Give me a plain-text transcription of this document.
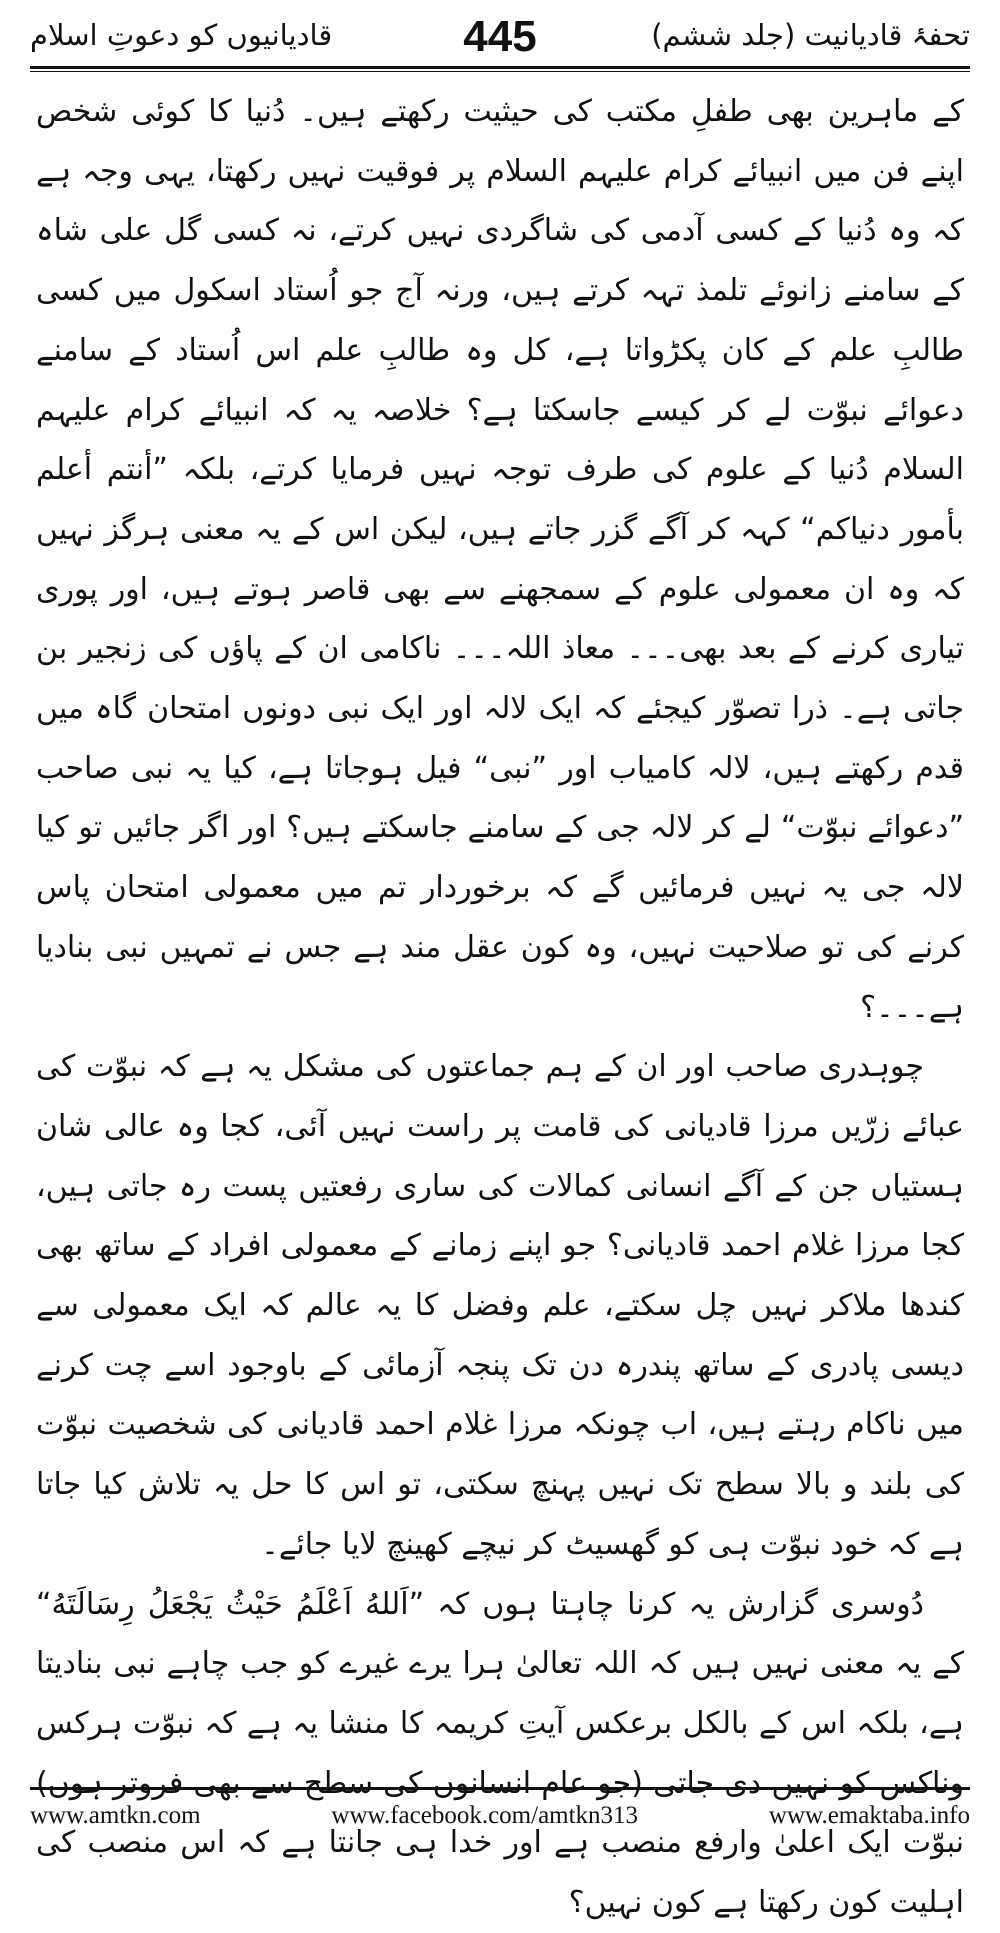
تحفۂ قادیانیت (جلد ششم)
445
قادیانیوں کو دعوتِ اسلام

کے ماہرین بھی طفلِ مکتب کی حیثیت رکھتے ہیں۔ دُنیا کا کوئی شخص اپنے فن میں انبیائے کرام علیہم السلام پر فوقیت نہیں رکھتا، یہی وجہ ہے کہ وہ دُنیا کے کسی آدمی کی شاگردی نہیں کرتے، نہ کسی گل علی شاہ کے سامنے زانوئے تلمذ تہہ کرتے ہیں، ورنہ آج جو اُستاد اسکول میں کسی طالبِ علم کے کان پکڑواتا ہے، کل وہ طالبِ علم اس اُستاد کے سامنے دعوائے نبوّت لے کر کیسے جاسکتا ہے؟ خلاصہ یہ کہ انبیائے کرام علیہم السلام دُنیا کے علوم کی طرف توجہ نہیں فرمایا کرتے، بلکہ ”أنتم أعلم بأمور دنیاکم“ کہہ کر آگے گزر جاتے ہیں، لیکن اس کے یہ معنی ہرگز نہیں کہ وہ ان معمولی علوم کے سمجھنے سے بھی قاصر ہوتے ہیں، اور پوری تیاری کرنے کے بعد بھی۔۔۔ معاذ اللہ۔۔۔ ناکامی ان کے پاؤں کی زنجیر بن جاتی ہے۔ ذرا تصوّر کیجئے کہ ایک لالہ اور ایک نبی دونوں امتحان گاہ میں قدم رکھتے ہیں، لالہ کامیاب اور ”نبی“ فیل ہوجاتا ہے، کیا یہ نبی صاحب ”دعوائے نبوّت“ لے کر لالہ جی کے سامنے جاسکتے ہیں؟ اور اگر جائیں تو کیا لالہ جی یہ نہیں فرمائیں گے کہ برخوردار تم میں معمولی امتحان پاس کرنے کی تو صلاحیت نہیں، وہ کون عقل مند ہے جس نے تمہیں نبی بنادیا ہے۔۔۔؟

چوہدری صاحب اور ان کے ہم جماعتوں کی مشکل یہ ہے کہ نبوّت کی عبائے زرّیں مرزا قادیانی کی قامت پر راست نہیں آئی، کجا وہ عالی شان ہستیاں جن کے آگے انسانی کمالات کی ساری رفعتیں پست رہ جاتی ہیں، کجا مرزا غلام احمد قادیانی؟ جو اپنے زمانے کے معمولی افراد کے ساتھ بھی کندھا ملاکر نہیں چل سکتے، علم وفضل کا یہ عالم کہ ایک معمولی سے دیسی پادری کے ساتھ پندرہ دن تک پنجہ آزمائی کے باوجود اسے چت کرنے میں ناکام رہتے ہیں، اب چونکہ مرزا غلام احمد قادیانی کی شخصیت نبوّت کی بلند و بالا سطح تک نہیں پہنچ سکتی، تو اس کا حل یہ تلاش کیا جاتا ہے کہ خود نبوّت ہی کو گھسیٹ کر نیچے کھینچ لایا جائے۔

دُوسری گزارش یہ کرنا چاہتا ہوں کہ ”اَللهُ اَعْلَمُ حَيْثُ يَجْعَلُ رِسَالَتَهُ“ کے یہ معنی نہیں ہیں کہ اللہ تعالیٰ ہرا یرے غیرے کو جب چاہے نبی بنادیتا ہے، بلکہ اس کے بالکل برعکس آیتِ کریمہ کا منشا یہ ہے کہ نبوّت ہرکس وناکس کو نہیں دی جاتی (جو عام انسانوں کی سطح سے بھی فروتر ہوں) نبوّت ایک اعلیٰ وارفع منصب ہے اور خدا ہی جانتا ہے کہ اس منصب کی اہلیت کون رکھتا ہے کون نہیں؟

www.amtkn.com	www.facebook.com/amtkn313	www.emaktaba.info
